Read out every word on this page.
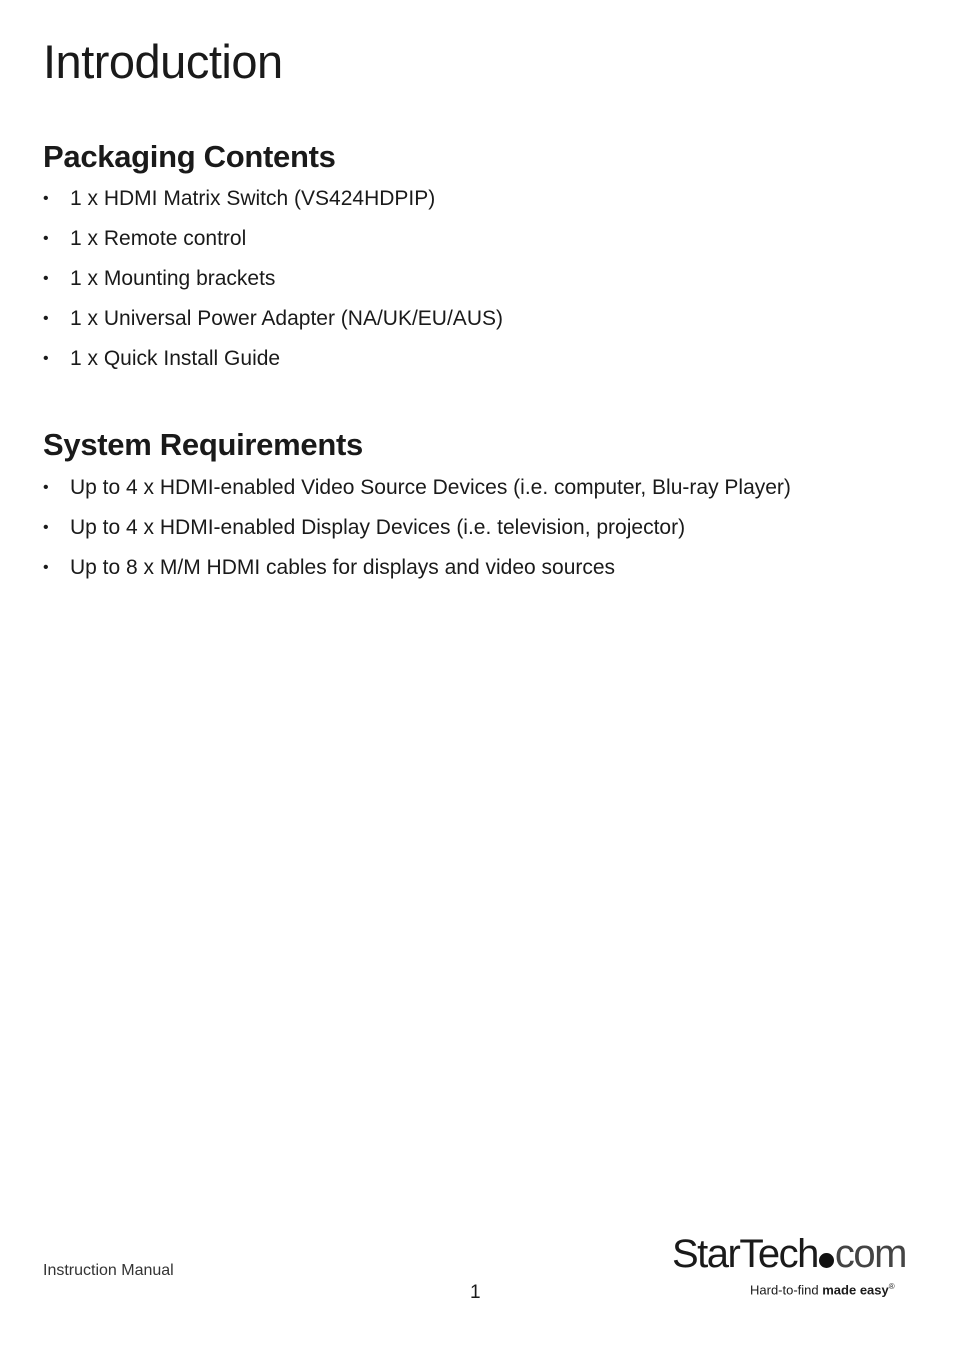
Introduction
Packaging Contents
• 1 x HDMI Matrix Switch (VS424HDPIP)
• 1 x Remote control
• 1 x Mounting brackets
• 1 x Universal Power Adapter (NA/UK/EU/AUS)
• 1 x Quick Install Guide
System Requirements
• Up to 4 x HDMI-enabled Video Source Devices (i.e. computer, Blu-ray Player)
• Up to 4 x HDMI-enabled Display Devices (i.e. television, projector)
• Up to 8 x M/M HDMI cables for displays and video sources
Instruction Manual
1
StarTech com
Hard-to-find made easy®
